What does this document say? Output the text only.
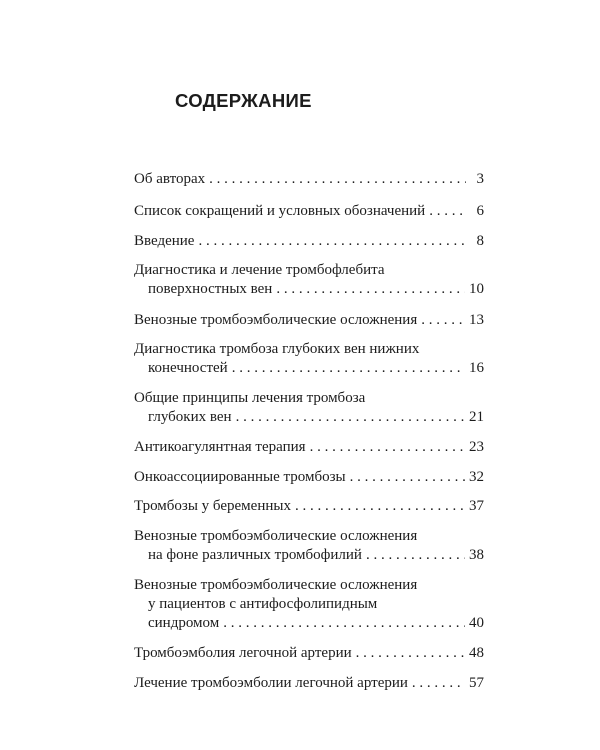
СОДЕРЖАНИЕ
Об авторах . . .	3
Список сокращений и условных обозначений . . .	6
Введение . . .	8
Диагностика и лечение тромбофлебита
поверхностных вен . . .	10
Венозные тромбоэмболические осложнения . . .	13
Диагностика тромбоза глубоких вен нижних
конечностей . . .	16
Общие принципы лечения тромбоза
глубоких вен . . .	21
Антикоагулянтная терапия . . .	23
Онкоассоциированные тромбозы . . .	32
Тромбозы у беременных . . .	37
Венозные тромбоэмболические осложнения
на фоне различных тромбофилий . . .	38
Венозные тромбоэмболические осложнения
у пациентов с антифосфолипидным
синдромом . . .	40
Тромбоэмболия легочной артерии . . .	48
Лечение тромбоэмболии легочной артерии . . .	57
